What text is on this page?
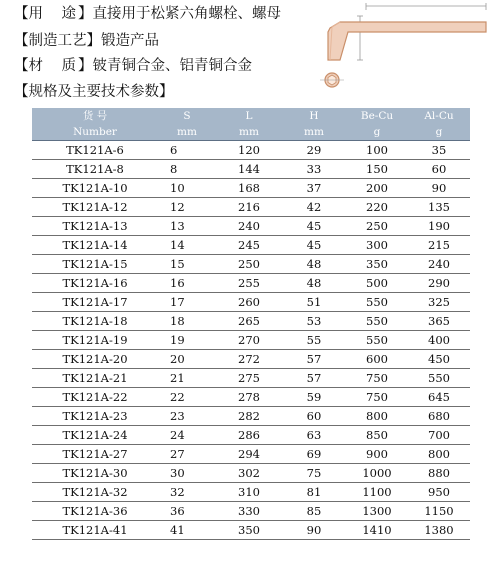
【用　途】直接用于松紧六角螺栓、螺母
【制造工艺】锻造产品
【材　质】铍青铜合金、铝青铜合金
【规格及主要技术参数】
货 号	S	L	H	Be-Cu	Al-Cu
Number	mm	mm	mm	g	g
TK121A-6	6	120	29	100	35
TK121A-8	8	144	33	150	60
TK121A-10	10	168	37	200	90
TK121A-12	12	216	42	220	135
TK121A-13	13	240	45	250	190
TK121A-14	14	245	45	300	215
TK121A-15	15	250	48	350	240
TK121A-16	16	255	48	500	290
TK121A-17	17	260	51	550	325
TK121A-18	18	265	53	550	365
TK121A-19	19	270	55	550	400
TK121A-20	20	272	57	600	450
TK121A-21	21	275	57	750	550
TK121A-22	22	278	59	750	645
TK121A-23	23	282	60	800	680
TK121A-24	24	286	63	850	700
TK121A-27	27	294	69	900	800
TK121A-30	30	302	75	1000	880
TK121A-32	32	310	81	1100	950
TK121A-36	36	330	85	1300	1150
TK121A-41	41	350	90	1410	1380
